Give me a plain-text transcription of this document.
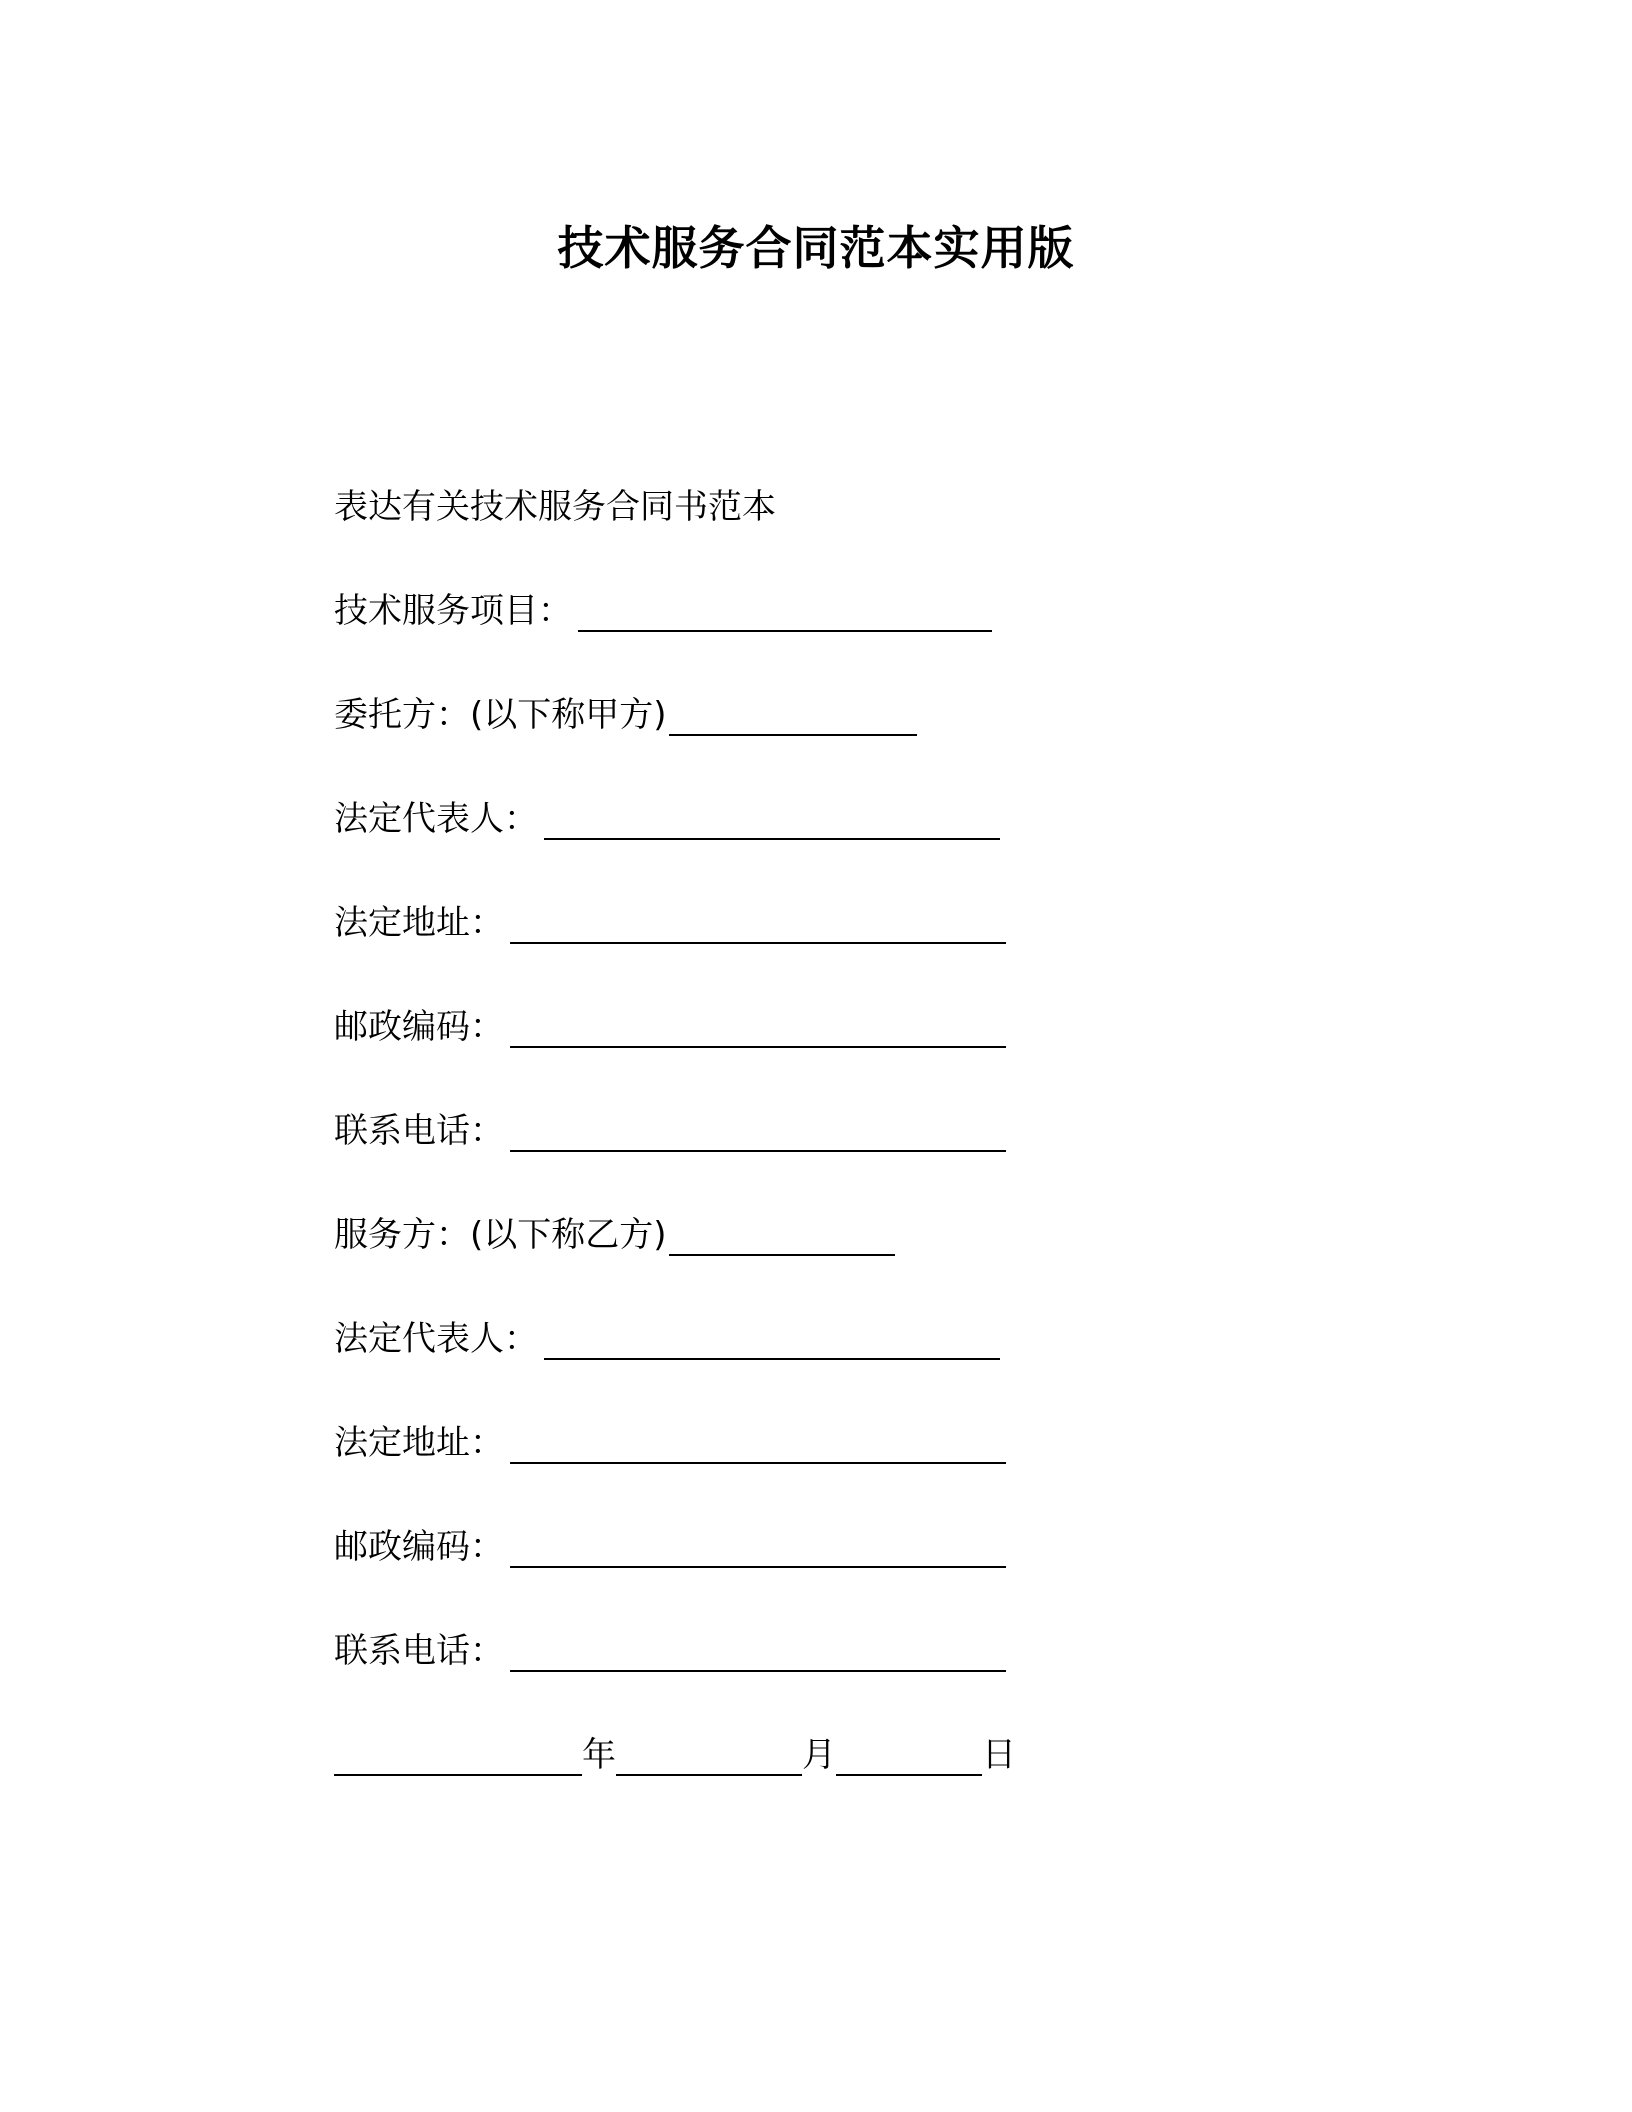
技术服务合同范本实用版
表达有关技术服务合同书范本
技术服务项目：
委托方：(以下称甲方)
法定代表人：
法定地址：
邮政编码：
联系电话：
服务方：(以下称乙方)
法定代表人：
法定地址：
邮政编码：
联系电话：
年	月	日
